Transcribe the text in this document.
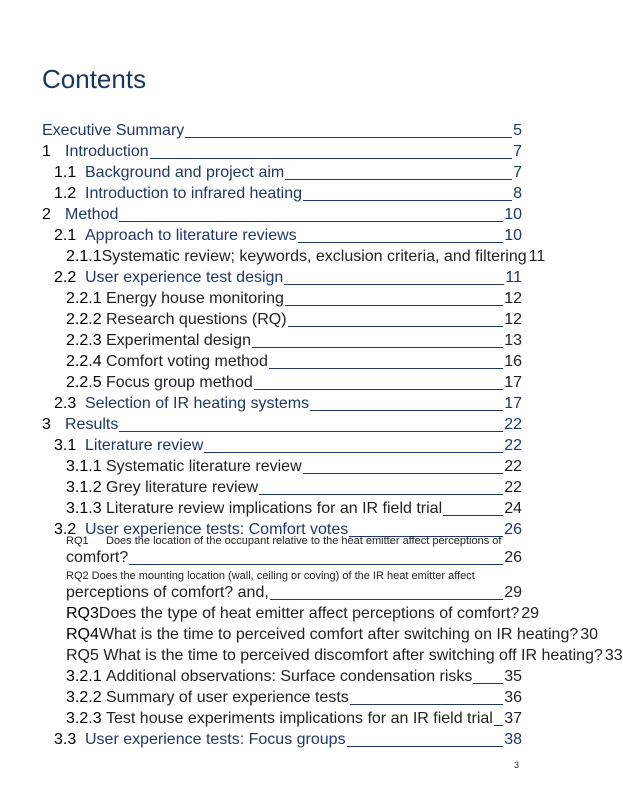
Contents
Executive Summary	5
1 Introduction	7
1.1 Background and project aim	7
1.2 Introduction to infrared heating	8
2 Method	10
2.1 Approach to literature reviews	10
2.1.1 Systematic review; keywords, exclusion criteria, and filtering 11
2.2 User experience test design	11
2.2.1 Energy house monitoring	12
2.2.2 Research questions (RQ)	12
2.2.3 Experimental design	13
2.2.4 Comfort voting method	16
2.2.5 Focus group method	17
2.3 Selection of IR heating systems	17
3 Results	22
3.1 Literature review	22
3.1.1 Systematic literature review	22
3.1.2 Grey literature review	22
3.1.3 Literature review implications for an IR field trial	24
3.2 User experience tests: Comfort votes	26
RQ1 Does the location of the occupant relative to the heat emitter affect perceptions of
comfort?	26
RQ2 Does the mounting location (wall, ceiling or coving) of the IR heat emitter affect
perceptions of comfort? and,	29
RQ3 Does the type of heat emitter affect perceptions of comfort? 29
RQ4 What is the time to perceived comfort after switching on IR heating? 30
RQ5 What is the time to perceived discomfort after switching off IR heating? 33
3.2.1 Additional observations: Surface condensation risks 35
3.2.2 Summary of user experience tests	36
3.2.3 Test house experiments implications for an IR field trial 37
3.3 User experience tests: Focus groups	38
3
